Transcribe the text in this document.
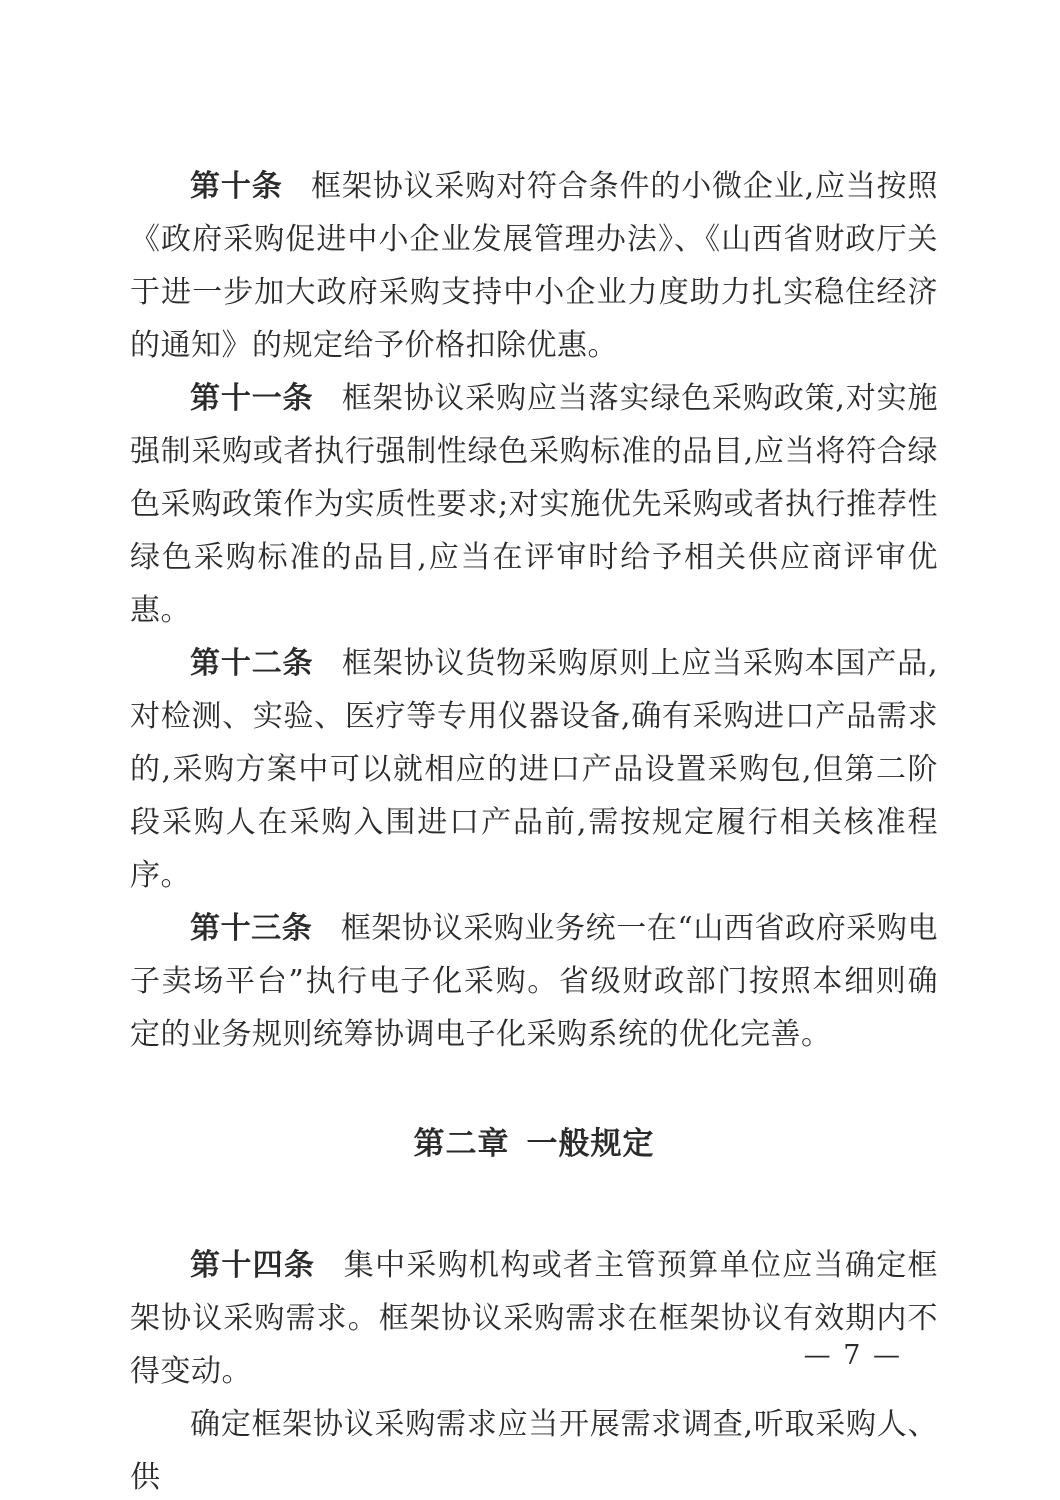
第十条 框架协议采购对符合条件的小微企业,应当按照《政府采购促进中小企业发展管理办法》、《山西省财政厅关于进一步加大政府采购支持中小企业力度助力扎实稳住经济的通知》的规定给予价格扣除优惠。

第十一条 框架协议采购应当落实绿色采购政策,对实施强制采购或者执行强制性绿色采购标准的品目,应当将符合绿色采购政策作为实质性要求;对实施优先采购或者执行推荐性绿色采购标准的品目,应当在评审时给予相关供应商评审优惠。

第十二条 框架协议货物采购原则上应当采购本国产品,对检测、实验、医疗等专用仪器设备,确有采购进口产品需求的,采购方案中可以就相应的进口产品设置采购包,但第二阶段采购人在采购入围进口产品前,需按规定履行相关核准程序。

第十三条 框架协议采购业务统一在“山西省政府采购电子卖场平台”执行电子化采购。省级财政部门按照本细则确定的业务规则统筹协调电子化采购系统的优化完善。

第二章 一般规定

第十四条 集中采购机构或者主管预算单位应当确定框架协议采购需求。框架协议采购需求在框架协议有效期内不得变动。

确定框架协议采购需求应当开展需求调查,听取采购人、供

— 7 —
